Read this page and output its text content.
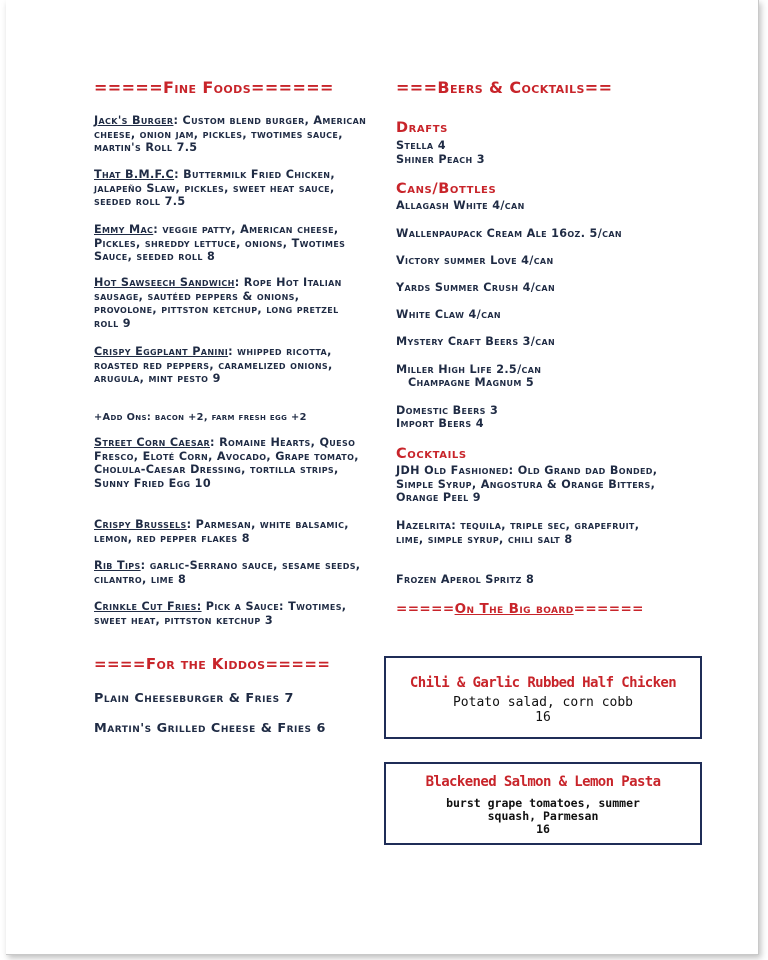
=====Fine Foods======
Jack's Burger: Custom blend burger, American cheese, onion jam, pickles, twotimes sauce, martin's Roll 7.5
That B.M.F.C: Buttermilk Fried Chicken, jalapeño Slaw, pickles, sweet heat sauce, seeded roll 7.5
Emmy Mac: veggie patty, American cheese, Pickles, shreddy lettuce, onions, Twotimes Sauce, seeded roll 8
Hot Sawseech Sandwich: Rope Hot Italian sausage, sautéed peppers & onions, provolone, pittston ketchup, long pretzel roll 9
Crispy Eggplant Panini: whipped ricotta, roasted red peppers, caramelized onions, arugula, mint pesto 9
+Add Ons: bacon +2, farm fresh egg +2
Street Corn Caesar: Romaine Hearts, Queso Fresco, Eloté Corn, Avocado, Grape tomato, Cholula-Caesar Dressing, tortilla strips, Sunny Fried Egg 10
Crispy Brussels: Parmesan, white balsamic, lemon, red pepper flakes 8
Rib Tips: garlic-Serrano sauce, sesame seeds, cilantro, lime 8
Crinkle Cut Fries: Pick a Sauce: Twotimes, sweet heat, pittston ketchup 3
====For the Kiddos=====
Plain Cheeseburger & Fries 7
Martin's Grilled Cheese & Fries 6
===Beers & Cocktails==
Drafts
Stella 4
Shiner Peach 3
Cans/Bottles
Allagash White 4/can
Wallenpaupack Cream Ale 16oz. 5/can
Victory summer Love 4/can
Yards Summer Crush 4/can
White Claw 4/can
Mystery Craft Beers 3/can
Miller High Life 2.5/can
Champagne Magnum 5
Domestic Beers 3
Import Beers 4
Cocktails
JDH Old Fashioned: Old Grand dad Bonded, Simple Syrup, Angostura & Orange Bitters, Orange Peel 9
Hazelrita: tequila, triple sec, grapefruit, lime, simple syrup, chili salt 8
Frozen Aperol Spritz 8
=====On The Big board======
Chili & Garlic Rubbed Half Chicken
Potato salad, corn cobb
16
Blackened Salmon & Lemon Pasta
burst grape tomatoes, summer squash, Parmesan
16
